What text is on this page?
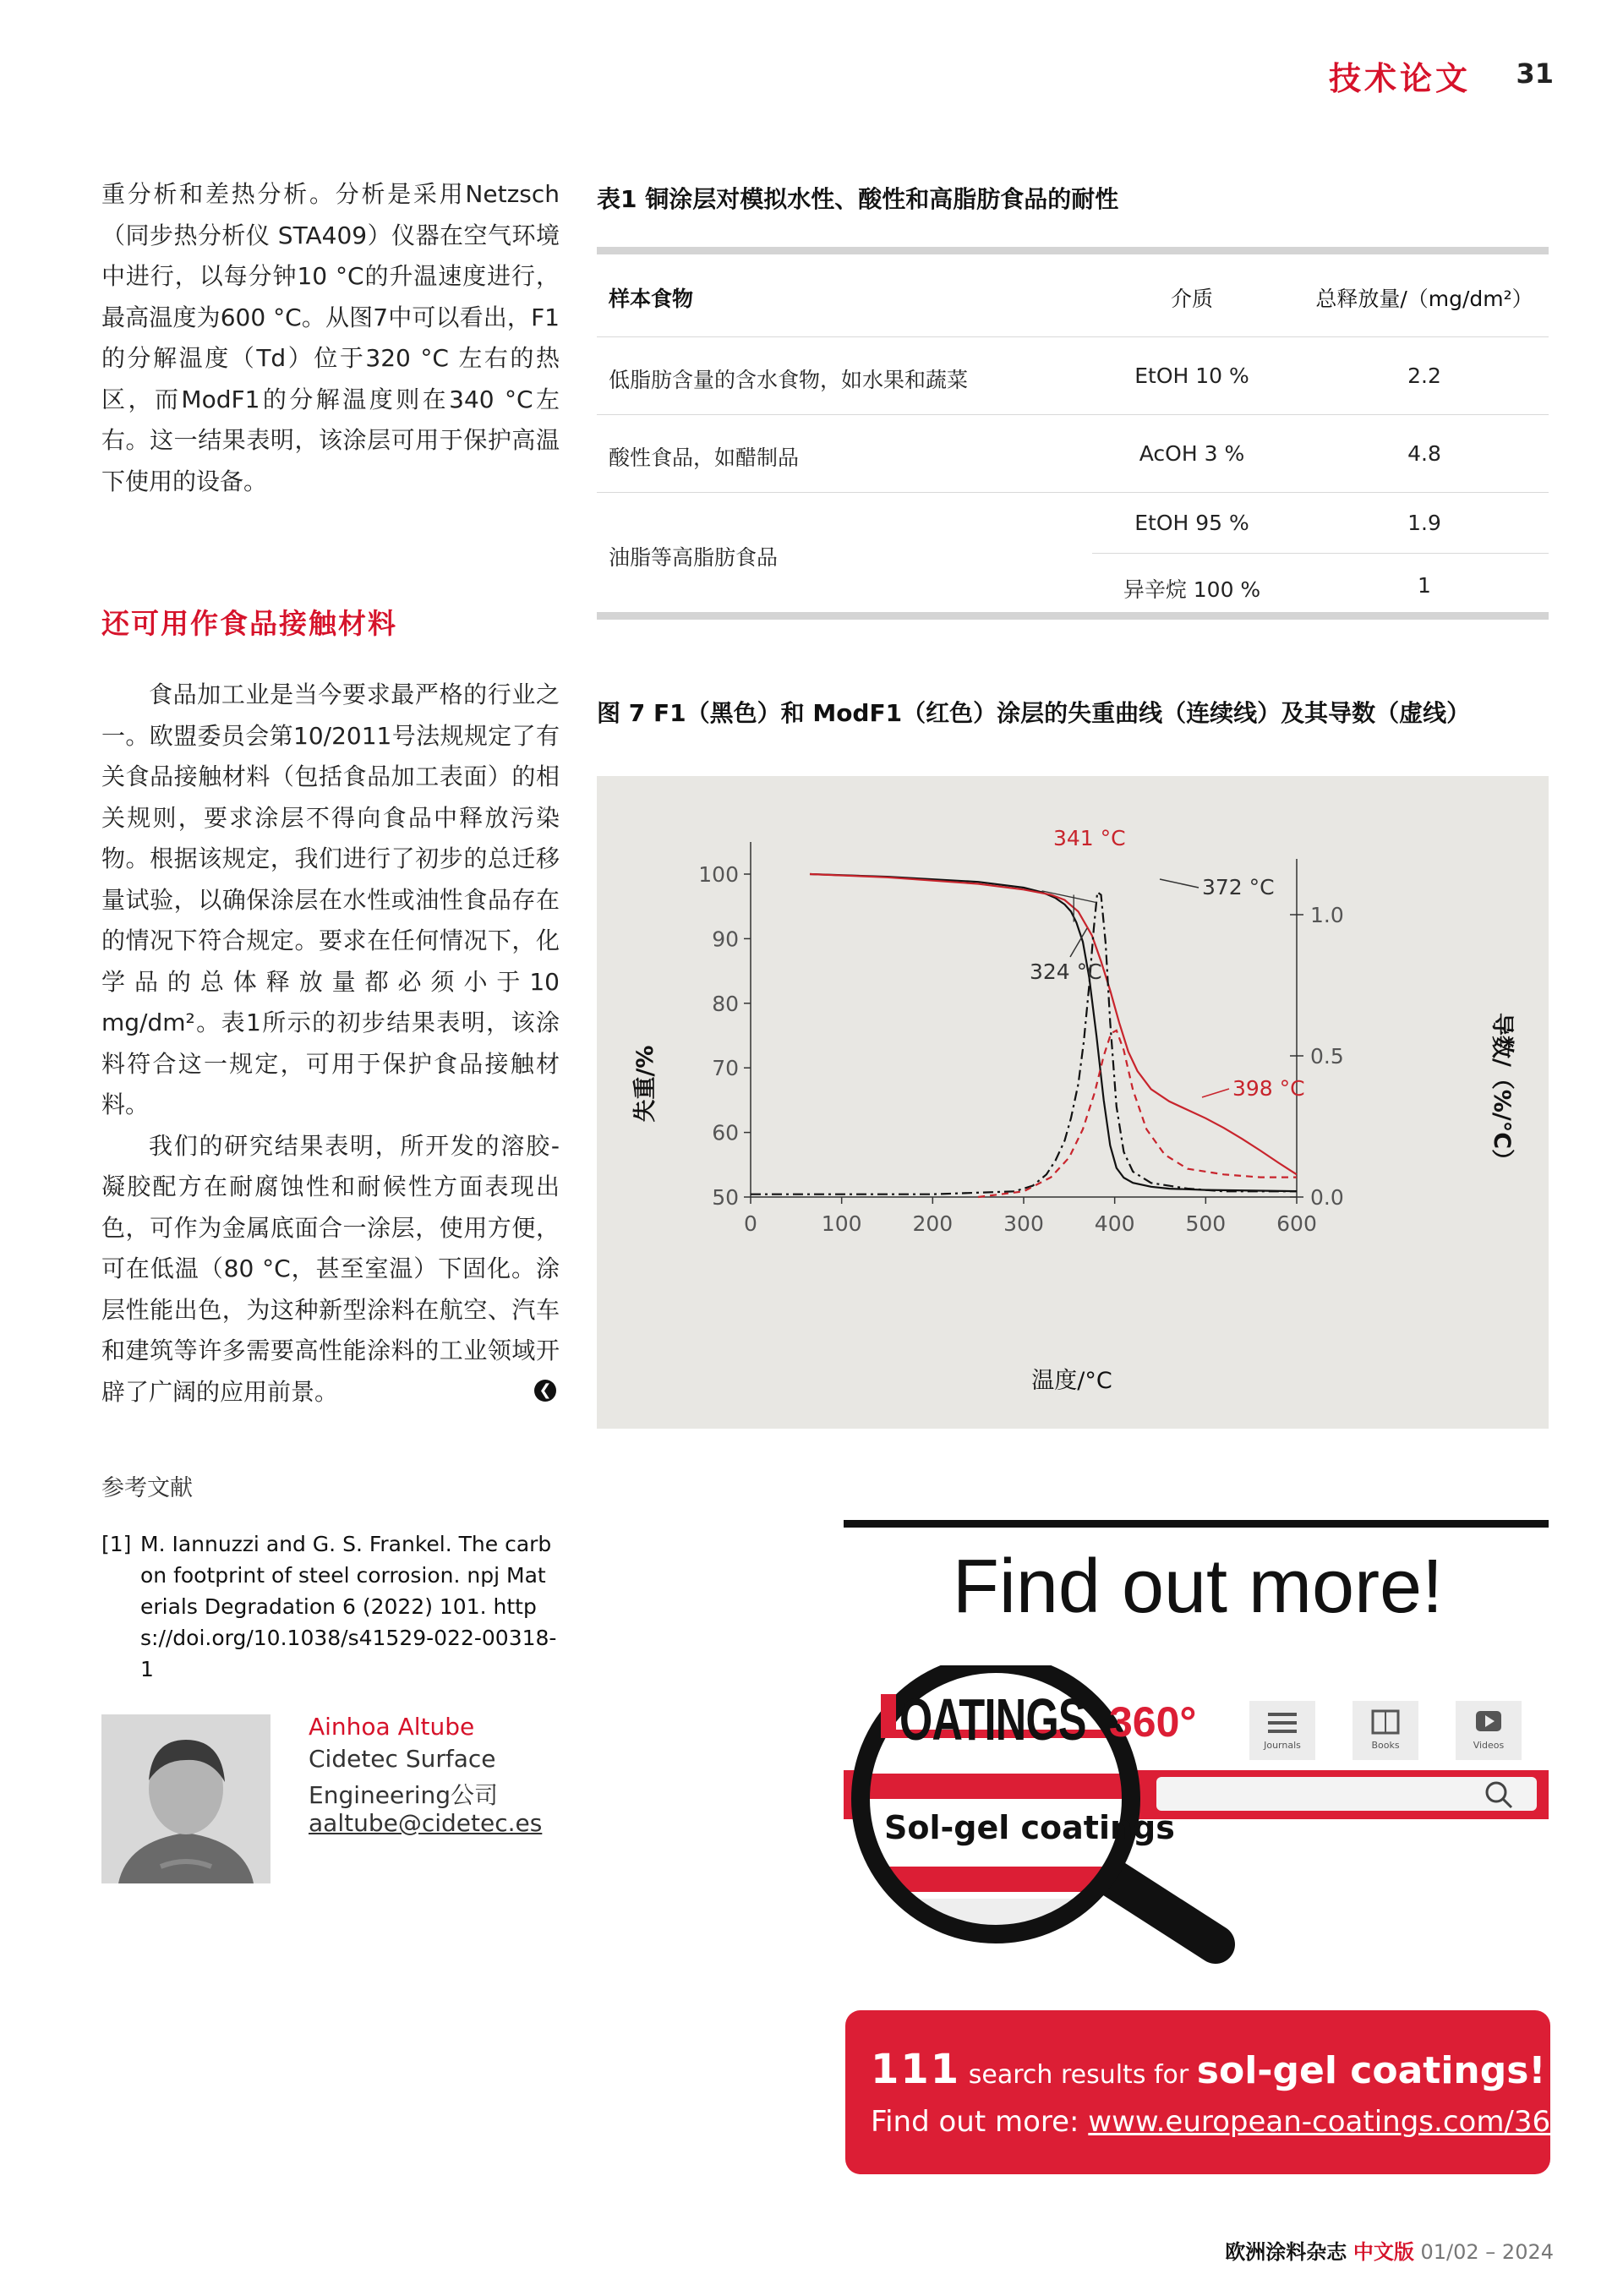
技术论文 31

重分析和差热分析。分析是采用Netzsch（同步热分析仪 STA409）仪器在空气环境中进行，以每分钟10 °C的升温速度进行，最高温度为600 °C。从图7中可以看出，F1的分解温度（Td）位于320 °C 左右的热区，而ModF1的分解温度则在340 °C左右。这一结果表明，该涂层可用于保护高温下使用的设备。

还可用作食品接触材料

食品加工业是当今要求最严格的行业之一。欧盟委员会第10/2011号法规规定了有关食品接触材料（包括食品加工表面）的相关规则，要求涂层不得向食品中释放污染物。根据该规定，我们进行了初步的总迁移量试验，以确保涂层在水性或油性食品存在的情况下符合规定。要求在任何情况下，化学品的总体释放量都必须小于10 mg/dm²。表1所示的初步结果表明，该涂料符合这一规定，可用于保护食品接触材料。

我们的研究结果表明，所开发的溶胶-凝胶配方在耐腐蚀性和耐候性方面表现出色，可作为金属底面合一涂层，使用方便，可在低温（80 °C，甚至室温）下固化。涂层性能出色，为这种新型涂料在航空、汽车和建筑等许多需要高性能涂料的工业领域开辟了广阔的应用前景。	❮
参考文献
[1] M. Iannuzzi and G. S. Frankel. The carbon footprint of steel corrosion. npj Materials Degradation 6 (2022) 101. https://doi.org/10.1038/s41529-022-00318-1
Ainhoa Altube
Cidetec Surface
Engineering公司
aaltube@cidetec.es
表1 铜涂层对模拟水性、酸性和高脂肪食品的耐性
样本食物	介质	总释放量/（mg/dm²）
低脂肪含量的含水食物，如水果和蔬菜	EtOH 10 %	2.2
酸性食品，如醋制品	AcOH 3 %	4.8
油脂等高脂肪食品
EtOH 95 %	1.9
异辛烷 100 %	1
图 7 F1（黑色）和 ModF1（红色）涂层的失重曲线（连续线）及其导数（虚线）
0	100 200 300 400 500 600
50
60
70
80
90
100
0.0
0.5
1.0
341 °C
372 °C
324 °C
398 °C
温度/°C
失重/%	导数/（%/°C）
Find out more!
OATINGS 360°	Journals	Books	Videos
Sol-gel coatings
111 search results for sol-gel coatings!
Find out more: www.european-coatings.com/360
欧洲涂料杂志 中文版 01/02 – 2024
